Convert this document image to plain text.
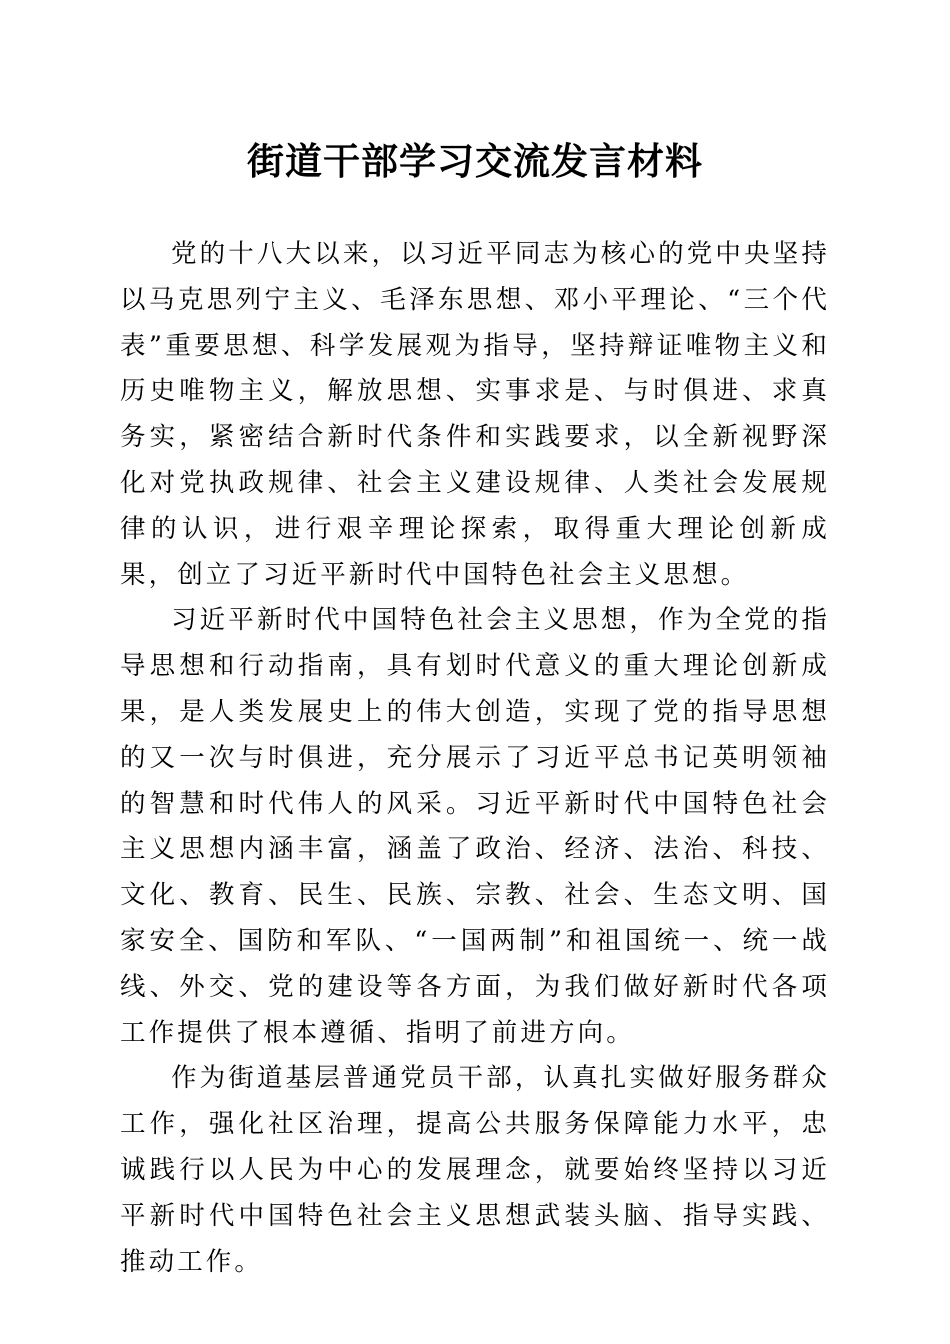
街道干部学习交流发言材料

党的十八大以来，以习近平同志为核心的党中央坚持以马克思列宁主义、毛泽东思想、邓小平理论、“三个代表”重要思想、科学发展观为指导，坚持辩证唯物主义和历史唯物主义，解放思想、实事求是、与时俱进、求真务实，紧密结合新时代条件和实践要求，以全新视野深化对党执政规律、社会主义建设规律、人类社会发展规律的认识，进行艰辛理论探索，取得重大理论创新成果，创立了习近平新时代中国特色社会主义思想。

习近平新时代中国特色社会主义思想，作为全党的指导思想和行动指南，具有划时代意义的重大理论创新成果，是人类发展史上的伟大创造，实现了党的指导思想的又一次与时俱进，充分展示了习近平总书记英明领袖的智慧和时代伟人的风采。习近平新时代中国特色社会主义思想内涵丰富，涵盖了政治、经济、法治、科技、文化、教育、民生、民族、宗教、社会、生态文明、国家安全、国防和军队、“一国两制”和祖国统一、统一战线、外交、党的建设等各方面，为我们做好新时代各项工作提供了根本遵循、指明了前进方向。

作为街道基层普通党员干部，认真扎实做好服务群众工作，强化社区治理，提高公共服务保障能力水平，忠诚践行以人民为中心的发展理念，就要始终坚持以习近平新时代中国特色社会主义思想武装头脑、指导实践、推动工作。
